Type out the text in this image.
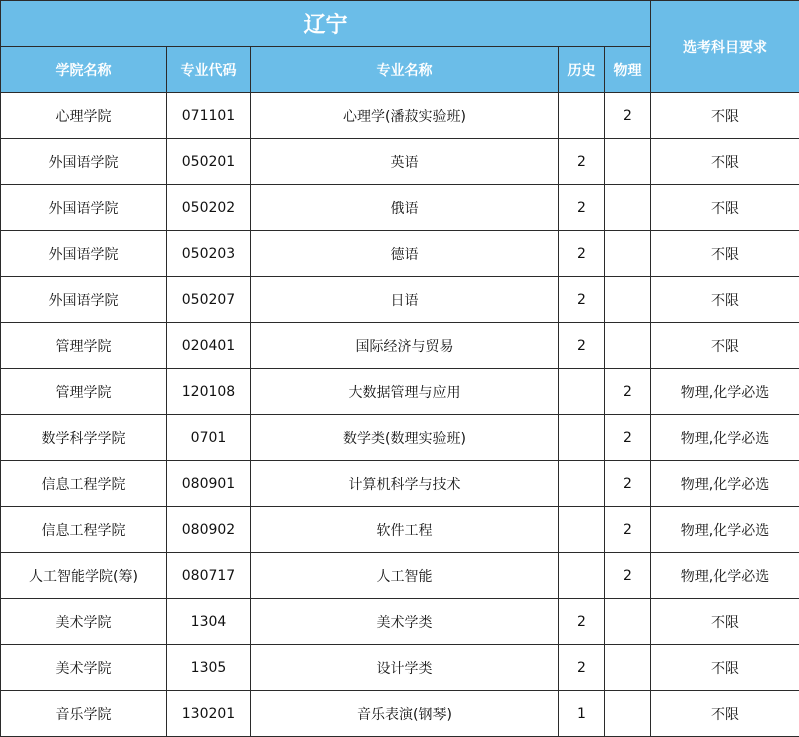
辽宁					选考科目要求
学院名称	专业代码	专业名称	历史	物理	
心理学院	071101	心理学(潘菽实验班)		2	不限
外国语学院	050201	英语	2		不限
外国语学院	050202	俄语	2		不限
外国语学院	050203	德语	2		不限
外国语学院	050207	日语	2		不限
管理学院	020401	国际经济与贸易	2		不限
管理学院	120108	大数据管理与应用		2	物理,化学必选
数学科学学院	0701	数学类(数理实验班)		2	物理,化学必选
信息工程学院	080901	计算机科学与技术		2	物理,化学必选
信息工程学院	080902	软件工程		2	物理,化学必选
人工智能学院(筹)	080717	人工智能		2	物理,化学必选
美术学院	1304	美术学类	2		不限
美术学院	1305	设计学类	2		不限
音乐学院	130201	音乐表演(钢琴)	1		不限
